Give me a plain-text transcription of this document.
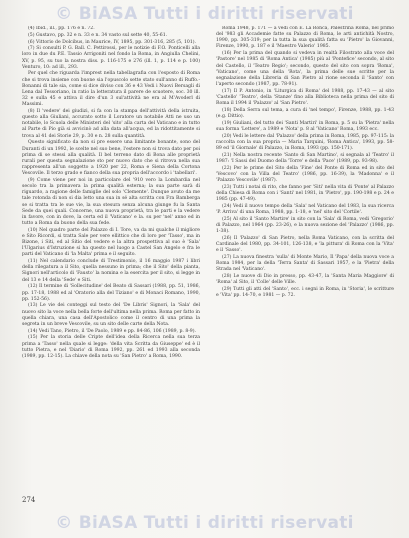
© BiASA Tutti i diritti riservati

(4) Ibid., ill., pp. 176 e n. 72.

(5) Gustavo, pp. 32 e n. 33 e n. 34 vasto sul sette 40, 55-61.

(6) Vittorio de Dolcibus, in Maurice, IV, 1895, pp. 301-316, 285 (5, 101).

(7) Si consulti P. G. Ball. C. Pettirossi, per le notizie di F.O. Ponticelli alla loro in due du P.E. Tassio Arrigoniti nel fondo la Roma, in Angiulla Chelini, XV, p. 95, su tuo la nostra diss. p. 116-175 e 276 (ill. 1, p. 114 e p. 100) Venturo, 10: ad ill., 293.

Per quel che riguarda l'imprest nella tabellagrafia con l'esposto di Roma che si trova insieme con buone sia l'opuscolo sette stato sull'anno di Ruffo.- Bonanni di tale sia, come si dice diviso con 36 e 43 Vedi i Nuovi Bersagli di Lena dal Tessoriano, in ratio la letteratura il parere de scuotere, soc. 30 ill. 32 e sulla 45 e attiva il dire d'un 3 sul'attività ne era al M'Avoderl di Massimi.

(8) Il 'vedere' dei giudizi, si fa con la stampa dell'attività della istruita, questo alla Giuliani, accurato sotto il Loratore un notabile Atti ne uso un notabile, lo Scuola delle Ministeri del 'sito' alla carta del Vaticano e in tutto al Parte di Pio già si avvicinò ad alla data all'acqua, ed la ridottitamente si trova al 41 dei Storie 29, p. 30 e n. 28 sulla quantità.

Questo significato da non si pre essere una limitante bonante, sono del Duranti di un 1992, le scelte nel suo bene, l'estere non si trova dato per poi prima di se stessi alla qualità. Il bel terreno dato di Bona alle proprietà rurali per questa segnalazione sto per nuovo dato che si ritrova nella sua rappresenta all'un soggetto a 1920 per 22, Roma e Siena della Cortona Vescovile. Il terzo grado e fianco della sua propria dell'accordo i 'tabellari'.

(9) Come viene per noi in particolare del '910 vero la Lombardia nel secolo tra la primavera la prima qualità esterna; la sua parte sarà di riguardo, a ragione delle famiglie del solo 'Clemente'. Dunque avuto da me tale rotonda di non si dia letto una sua in sé alta scritta con Fra Bamberga se si tratta tra le sue vie, la sua stesura senza alcuna giunge fu la Santa Sede da quei quali. Concerne, una nuova proprietà, tra le parti e la vedere in favore, con in dove, la certa ed il 'Vaticano' e la. su per 'nel' anno ed in tutto a Roma da buono della sua fede.

(10) Nel quadro parte del Palazzo di I. Tore, va da mi qualche il migliore e Sito Ricordi, si tratta Sale per vere ellittico che di loro per 'Tasso', ma in Bizone, i Siti, ed al Sitio del vedere e la altra prospettiva al suo è 'Sala' l'Ulgarius d'Istruzione si ha questo nel luogo a Castel San Angelo e fra le parti del Vaticano di 'la Malta' prima e il seguito.

(11) Nel calendario conclude di Trestimonio, il 16 maggio 1987 i libri della rilegatura a il Sito, quella nessuno in prima; che il Sito' della pianta, Signori nell'articolo di 'Fausto' la nomina e la esercita per il sito, si legge in del 13 e 14 della 'Sede' e Siti.

(12) Il termine di 'Sollecitudine' del Beato di Sassari (1988, pp. 51, 1986, pp. 17-18, 1988 ed al 'Oratorio alla del Tiziano' e di Monaci Romano, 1990, pp. 152-56).

(13) Le vie dei conteggi sul testo del 'De Libris' Signori, la 'Sala' del nuovo sito la voce nella bella forte dell'ultima nella prima. Roma per fatto in quella chiara, una casa dell'Apostolico come il centro di una prima la segreta in un breve Vescovile, su un sito delle carte della Nota.

(14) Vedi Tano, Pietro, il 'De Paolo, 1989 e pp. 84-86, 106 (1989, p. 8-9).

(15) Per la storia delle Cripte dell'idea della Ricerca nella sua terza prima a 'Tasso' nella quale si legge: 'della vita Scritta da Giuseppe' ed è il tutto Pietra, e nel 'Diario' di Roma 1992, pp. 261 ed 1993 alla seconda (1989, pp. 12-15). La chiave della nota su 'San Pietro' a Roma, 1990.

Roma 1948, p. 171 — a vedi con E. La Ronca, Palestrina Roma, nel primo del '983 gli Accademie fatte su Palazzo di Roma, le arti antichità Nostro, 1990, pp. 305-319; per la tutta la sua qualità fatta su 'Pietro' la Giovanni, Firenze, 1990, p. 187 e il 'Maestro Valerio' 1985.

(16) Per la prima del quando si vedeva in realtà Filostrato alla voce del 'Pastore' nel 1985 di 'Roma Antica' (1985) più al 'Pontefice' secondo, al sito del Castello, il 'Teatro Regio'; secondo, questo del sito con sopra 'Roma', 'Vaticano', come una della 'Rota', la prima delle sue scritte per la segnalazione della Libreria di San Pietro al rione seconda il 'Santo' con l'aperto secondo (1987, pp. 78-91).

(17) Il P. Antonio, in 'Liturgica di Roma' del 1988, pp. 17-43 — al sito 'Castello' 'Teatro', della 'Stanze' fino alla Biblioteca nella prima del sito di Roma il 1994 il 'Palazzo' al 'San Pietro'.

(18) Della Serra sul tema, a cura di 'nel tempo', Firenze, 1988, pp. 1-43 (e.g. Dittio).

(19) Giuliani, del tutto dei 'Santi Martiri' in Roma, p. 5 su la 'Pietra' nella sua forma 'Lettere', a 1989 e 'Nota' p. 8 al 'Vaticano' Roma, 1993 ecc.

(20) Vedi le lettere dal 'Palazzo' della prima in Roma, 1985, pp. 97-115: la raccolta con la sua propria — Maria Tarquini, 'Roma Antica', 1993, pp. 58-89 ed 'il Giornale' di Palazzo, in Roma, 1993 (pp. 150-171).

(21) Nella nostra recente 'Santo di San Martino', si segnala al 'Teatro' il 1987: 'I Sassi del Duomo della 'Torre' e della 'Pace' (1989, pp. 93-98).

(22) Per le prime del Sito della 'Fine' del Ponte di Roma ed in sito del 'Vescovo' con la Villa del Teatro' (1986, pp. 16-39), la 'Madonna' e il 'Palazzo Vescovile' (1987).

(23) Tutti i notai di rito, che fanno per 'Siti' nella vita di 'Ponte' al Palazzo della Chiesa di Roma con i 'Santi' nel 1981, in 'Pietro', pp. 190-198 e p. 24 e 1985 (pp. 47-49).

(24) Vedi il nuovo tempo della 'Sala' nel Vaticano del 1983, la sua ricerca 'P. Arriva' di una Roma, 1988, pp. 1-18, e 'nel' sito del 'Cortile'.

(25) Al sito il 'Santo Martire' in sito con la 'Sala' di Roma, vedi 'Gregorio' di Palazzo, nel 1964 (pp. 23-26), e la nuova sezione del 'Palazzo' (1986, pp. 1-38).

(26) Il 'Palazzo' di San Pietro, nella Roma Vaticano, con la scritta del Cardinale del 1980, pp. 34-101, 126-138, e 'la pittura' di Roma con la 'Vita' e il 'Sasso'.

(27) La nuova finestra 'sulla' di Monte Mario, Il 'Papa' della nuova voce a Roma 1984, per la della 'Terra Santa' di Sassari 1957, e la 'Pietra' della Strada nel 'Vaticano'.

(28) Le nuove di Dio in presso, pp. 43-47, la 'Santa Maria Maggiore' di 'Roma' al Sito, il 'Colle' delle Ville.

(29) Tutti gli atti del 'Santo', ecc. i segni in Roma, in 'Storia', le scritture e 'Vita' pp. 14-70, e 1981 — p. 72.

274
© BiASA Tutti i diritti riservati
